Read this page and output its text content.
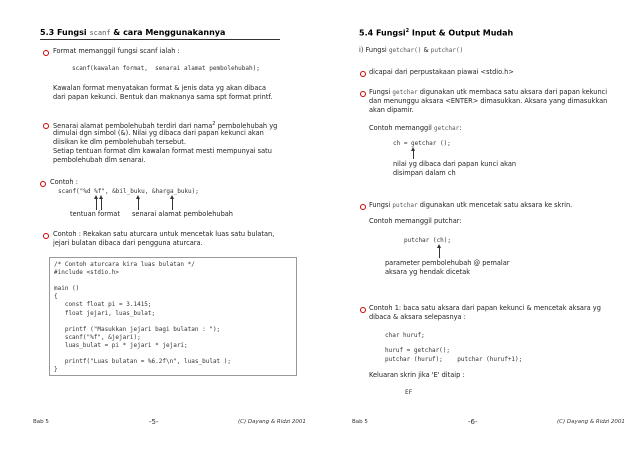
5.3 Fungsi scanf & cara Menggunakannya
Format memanggil fungsi scanf ialah :
scanf(kawalan format,  senarai alamat pembolehubah);
Kawalan format menyatakan format & jenis data yg akan dibaca
dari papan kekunci. Bentuk dan maknanya sama spt format printf.
Senarai alamat pembolehubah terdiri dari nama$^2$ pembolehubah yg
dimulai dgn simbol (&). Nilai yg dibaca dari papan kekunci akan
diisikan ke dlm pembolehubah tersebut.
Setiap tentuan format dlm kawalan format mesti mempunyai satu
pembolehubah dlm senarai.
Contoh :
scanf("%d %f", &bil_buku, &harga_buku);
tentuan format senarai alamat pembolehubah
Contoh : Rekakan satu aturcara untuk mencetak luas satu bulatan,
jejari bulatan dibaca dari pengguna aturcara.
/* Contoh aturcara kira luas bulatan */
#include <stdio.h>
main ()
{
const float pi = 3.1415;
float jejari, luas_bulat;
printf ("Masukkan jejari bagi bulatan : ");
scanf("%f", &jejari);
luas_bulat = pi * jejari * jejari;
printf("Luas bulatan = %6.2f\n", luas_bulat );
}
Bab 5	-5-	(C) Dayang & Ridzi 2001
5.4 Fungsi$^2$ Input & Output Mudah
i) Fungsi getchar() & putchar()
dicapai dari perpustakaan piawai <stdio.h>
Fungsi getchar digunakan utk membaca satu aksara dari papan kekunci
dan menunggu aksara <ENTER> dimasukkan. Aksara yang dimasukkan
akan dipamir.
Contoh memanggil getchar:
ch = getchar ();
nilai yg dibaca dari papan kunci akan
disimpan dalam ch
Fungsi putchar digunakan utk mencetak satu aksara ke skrin.
Contoh memanggil putchar:
putchar (ch);
parameter pembolehubah @ pemalar
aksara yg hendak dicetak
Contoh 1: baca satu aksara dari papan kekunci & mencetak aksara yg
dibaca & aksara selepasnya :
char huruf;
huruf = getchar();
putchar (huruf);    putchar (huruf+1);
Keluaran skrin jika 'E' ditaip :
EF
Bab 5	-6-	(C) Dayang & Ridzi 2001
